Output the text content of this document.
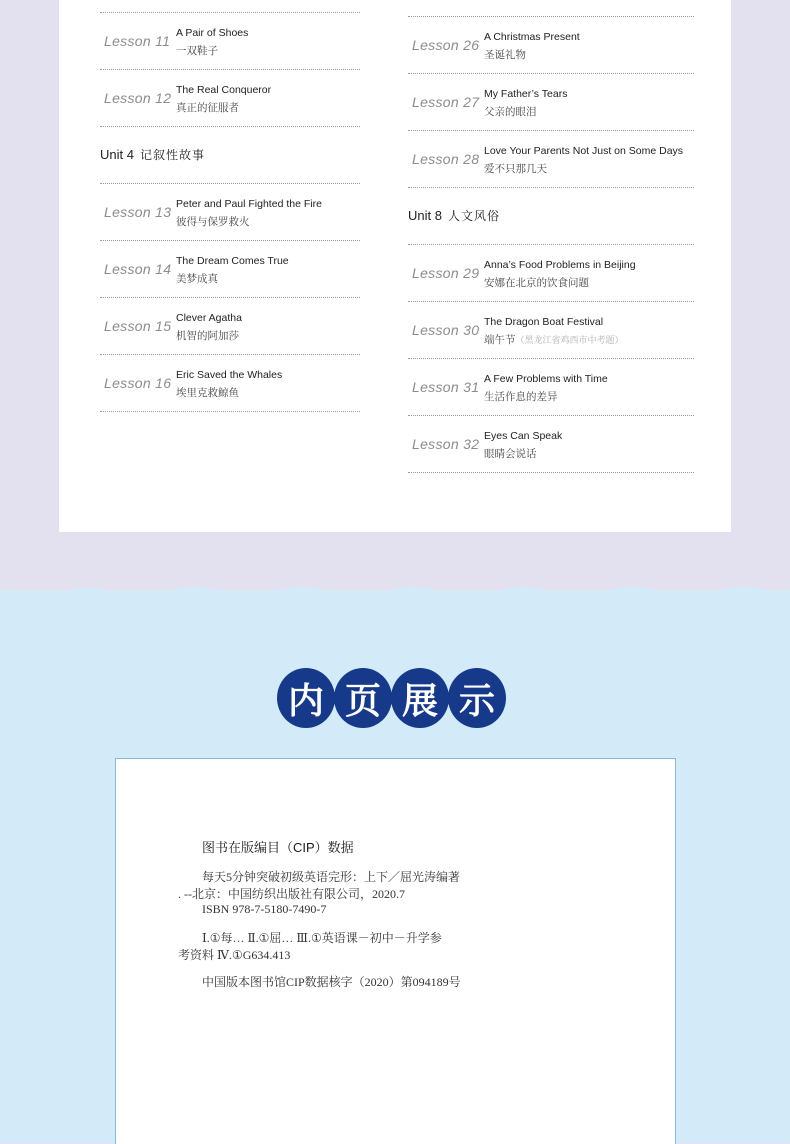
Lesson 11 A Pair of Shoes
一双鞋子
Lesson 12 The Real Conqueror
真正的征服者
Unit 4 记叙性故事
Lesson 13 Peter and Paul Fighted the Fire
彼得与保罗救火
Lesson 14 The Dream Comes True
美梦成真
Lesson 15 Clever Agatha
机智的阿加莎
Lesson 16 Eric Saved the Whales
埃里克救鲸鱼
Lesson 26 A Christmas Present
圣诞礼物
Lesson 27 My Father’s Tears
父亲的眼泪
Lesson 28 Love Your Parents Not Just on Some Days
爱不只那几天
Unit 8 人文风俗
Lesson 29 Anna’s Food Problems in Beijing
安娜在北京的饮食问题
Lesson 30 The Dragon Boat Festival
端午节（黑龙江省鸡西市中考题）
Lesson 31 A Few Problems with Time
生活作息的差异
Lesson 32 Eyes Can Speak
眼睛会说话
内 页 展 示
图书在版编目（CIP）数据
每天5分钟突破初级英语完形：上下／屈光涛编著
. --北京：中国纺织出版社有限公司，2020.7
ISBN 978-7-5180-7490-7
Ⅰ.①每… Ⅱ.①屈… Ⅲ.①英语课－初中－升学参
考资料 Ⅳ.①G634.413
中国版本图书馆CIP数据核字（2020）第094189号
